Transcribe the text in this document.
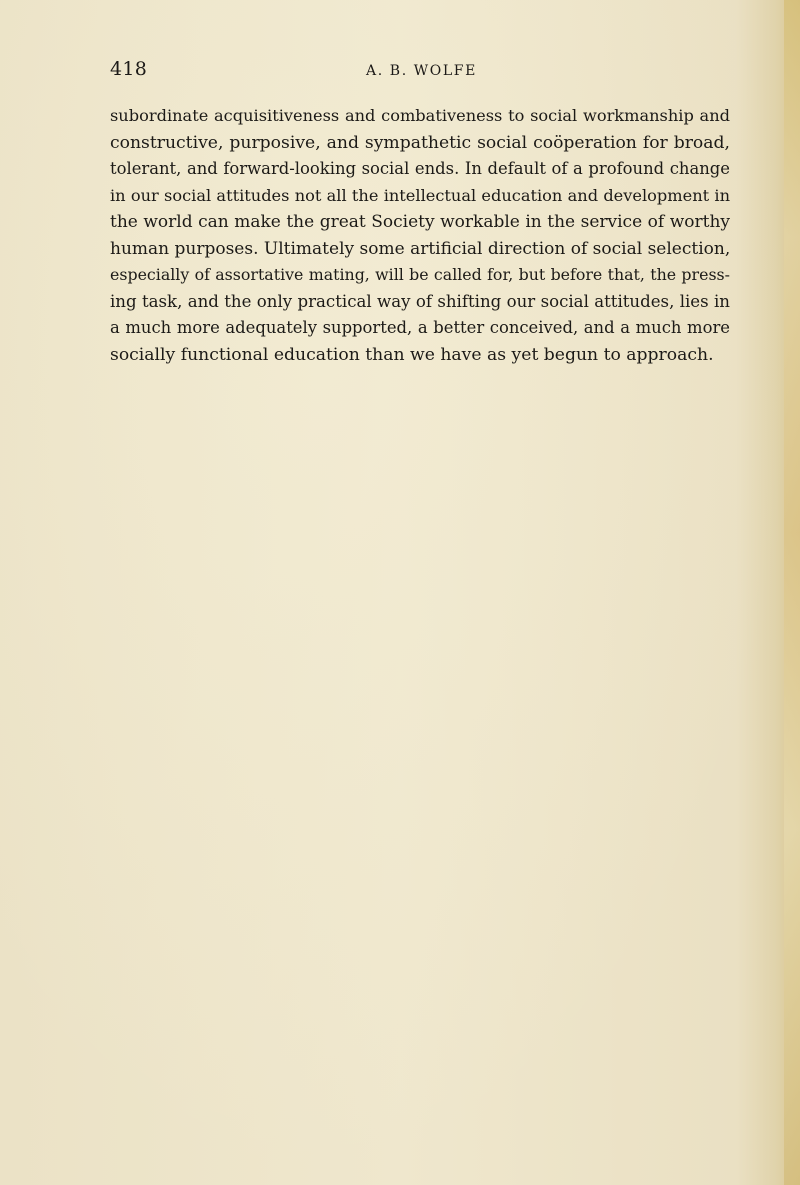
418	A. B. WOLFE
subordinate acquisitiveness and combativeness to social workmanship and
constructive, purposive, and sympathetic social coöperation for broad,
tolerant, and forward-looking social ends. In default of a profound change
in our social attitudes not all the intellectual education and development in
the world can make the great Society workable in the service of worthy
human purposes. Ultimately some artificial direction of social selection,
especially of assortative mating, will be called for, but before that, the press-
ing task, and the only practical way of shifting our social attitudes, lies in
a much more adequately supported, a better conceived, and a much more
socially functional education than we have as yet begun to approach.
